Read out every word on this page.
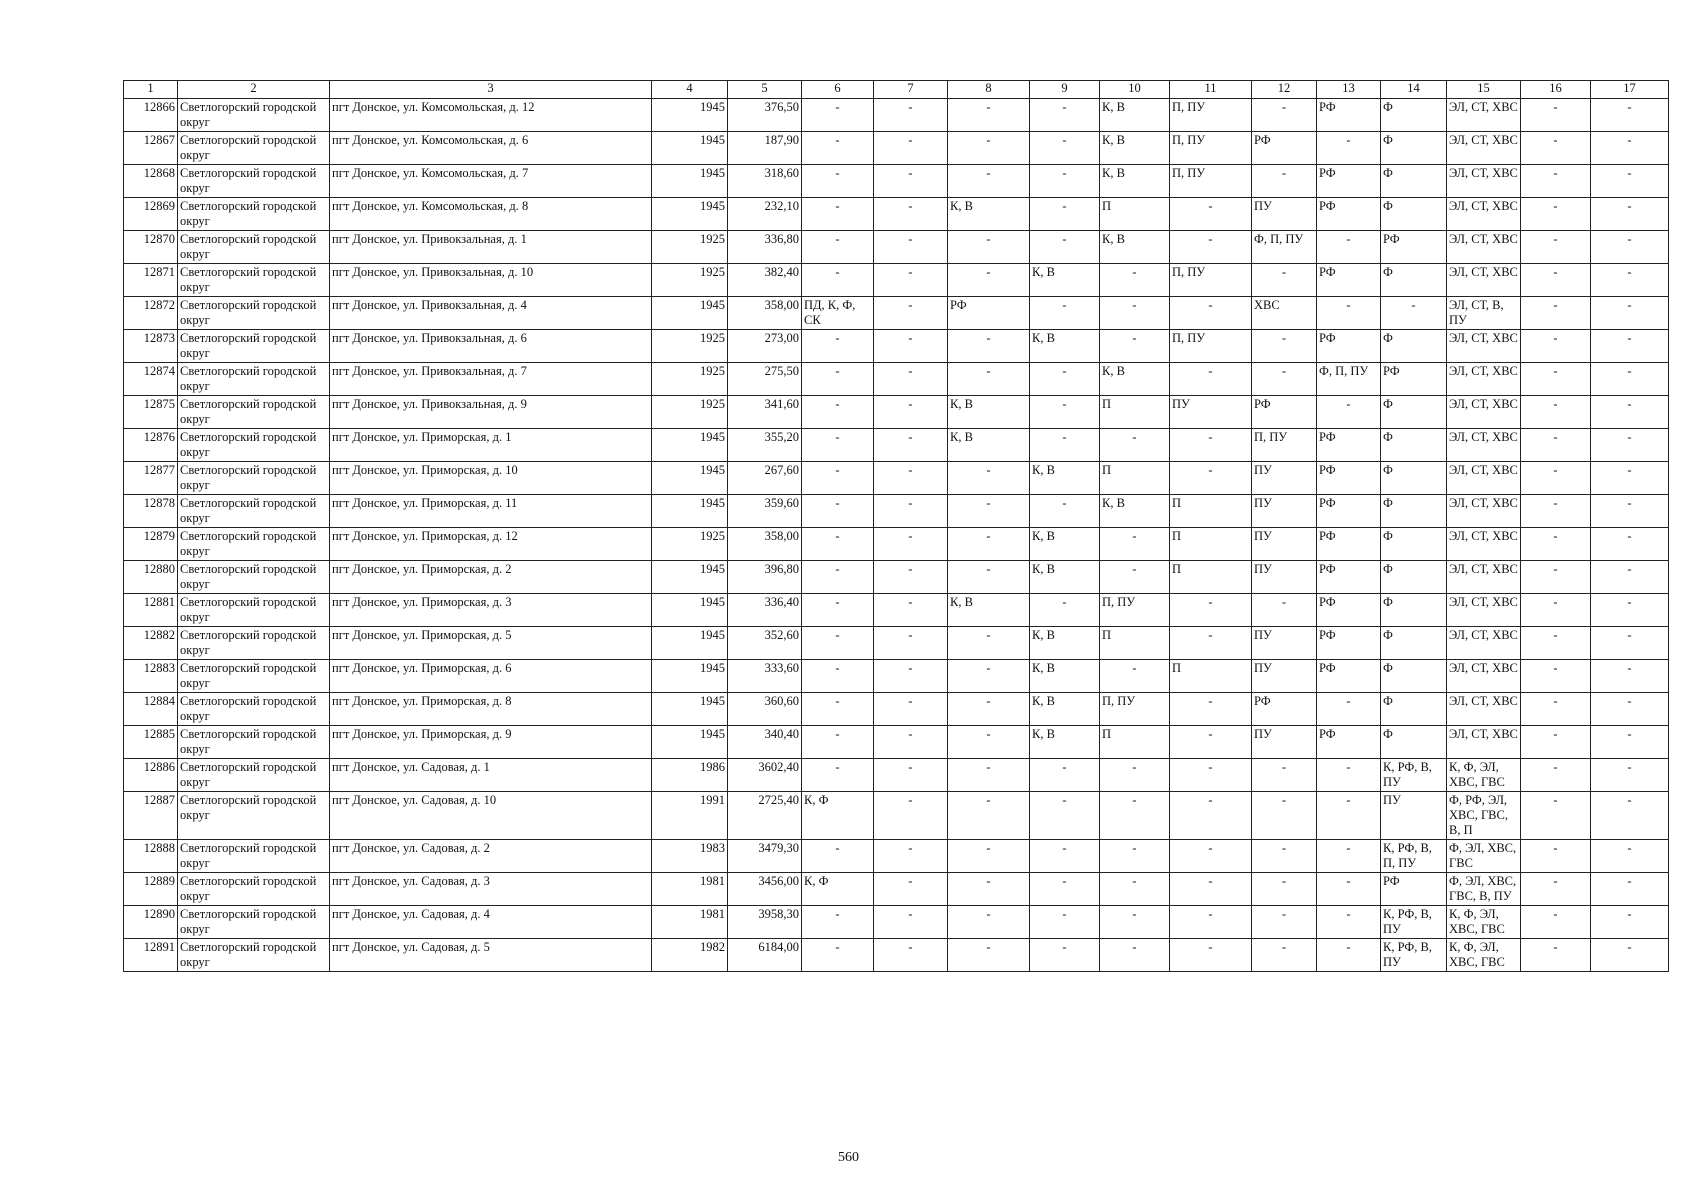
1	2	3	4	5	6	7	8	9	10	11	12	13	14	15	16	17
12866	Светлогорский городской округ	пгт Донское, ул. Комсомольская, д. 12	1945	376,50	-	-	-	-	К, В	П, ПУ	-	РФ	Ф	ЭЛ, СТ, ХВС	-	-
12867	Светлогорский городской округ	пгт Донское, ул. Комсомольская, д. 6	1945	187,90	-	-	-	-	К, В	П, ПУ	РФ	-	Ф	ЭЛ, СТ, ХВС	-	-
12868	Светлогорский городской округ	пгт Донское, ул. Комсомольская, д. 7	1945	318,60	-	-	-	-	К, В	П, ПУ	-	РФ	Ф	ЭЛ, СТ, ХВС	-	-
12869	Светлогорский городской округ	пгт Донское, ул. Комсомольская, д. 8	1945	232,10	-	-	К, В	-	П	-	ПУ	РФ	Ф	ЭЛ, СТ, ХВС	-	-
12870	Светлогорский городской округ	пгт Донское, ул. Привокзальная, д. 1	1925	336,80	-	-	-	-	К, В	-	Ф, П, ПУ	-	РФ	ЭЛ, СТ, ХВС	-	-
12871	Светлогорский городской округ	пгт Донское, ул. Привокзальная, д. 10	1925	382,40	-	-	-	К, В	-	П, ПУ	-	РФ	Ф	ЭЛ, СТ, ХВС	-	-
12872	Светлогорский городской округ	пгт Донское, ул. Привокзальная, д. 4	1945	358,00	ПД, К, Ф, СК	-	РФ	-	-	-	ХВС	-	-	ЭЛ, СТ, В, ПУ	-	-
12873	Светлогорский городской округ	пгт Донское, ул. Привокзальная, д. 6	1925	273,00	-	-	-	К, В	-	П, ПУ	-	РФ	Ф	ЭЛ, СТ, ХВС	-	-
12874	Светлогорский городской округ	пгт Донское, ул. Привокзальная, д. 7	1925	275,50	-	-	-	-	К, В	-	-	Ф, П, ПУ	РФ	ЭЛ, СТ, ХВС	-	-
12875	Светлогорский городской округ	пгт Донское, ул. Привокзальная, д. 9	1925	341,60	-	-	К, В	-	П	ПУ	РФ	-	Ф	ЭЛ, СТ, ХВС	-	-
12876	Светлогорский городской округ	пгт Донское, ул. Приморская, д. 1	1945	355,20	-	-	К, В	-	-	-	П, ПУ	РФ	Ф	ЭЛ, СТ, ХВС	-	-
12877	Светлогорский городской округ	пгт Донское, ул. Приморская, д. 10	1945	267,60	-	-	-	К, В	П	-	ПУ	РФ	Ф	ЭЛ, СТ, ХВС	-	-
12878	Светлогорский городской округ	пгт Донское, ул. Приморская, д. 11	1945	359,60	-	-	-	-	К, В	П	ПУ	РФ	Ф	ЭЛ, СТ, ХВС	-	-
12879	Светлогорский городской округ	пгт Донское, ул. Приморская, д. 12	1925	358,00	-	-	-	К, В	-	П	ПУ	РФ	Ф	ЭЛ, СТ, ХВС	-	-
12880	Светлогорский городской округ	пгт Донское, ул. Приморская, д. 2	1945	396,80	-	-	-	К, В	-	П	ПУ	РФ	Ф	ЭЛ, СТ, ХВС	-	-
12881	Светлогорский городской округ	пгт Донское, ул. Приморская, д. 3	1945	336,40	-	-	К, В	-	П, ПУ	-	-	РФ	Ф	ЭЛ, СТ, ХВС	-	-
12882	Светлогорский городской округ	пгт Донское, ул. Приморская, д. 5	1945	352,60	-	-	-	К, В	П	-	ПУ	РФ	Ф	ЭЛ, СТ, ХВС	-	-
12883	Светлогорский городской округ	пгт Донское, ул. Приморская, д. 6	1945	333,60	-	-	-	К, В	-	П	ПУ	РФ	Ф	ЭЛ, СТ, ХВС	-	-
12884	Светлогорский городской округ	пгт Донское, ул. Приморская, д. 8	1945	360,60	-	-	-	К, В	П, ПУ	-	РФ	-	Ф	ЭЛ, СТ, ХВС	-	-
12885	Светлогорский городской округ	пгт Донское, ул. Приморская, д. 9	1945	340,40	-	-	-	К, В	П	-	ПУ	РФ	Ф	ЭЛ, СТ, ХВС	-	-
12886	Светлогорский городской округ	пгт Донское, ул. Садовая, д. 1	1986	3602,40	-	-	-	-	-	-	-	-	К, РФ, В, ПУ	К, Ф, ЭЛ, ХВС, ГВС	-	-
12887	Светлогорский городской округ	пгт Донское, ул. Садовая, д. 10	1991	2725,40	К, Ф	-	-	-	-	-	-	-	ПУ	Ф, РФ, ЭЛ, ХВС, ГВС, В, П	-	-
12888	Светлогорский городской округ	пгт Донское, ул. Садовая, д. 2	1983	3479,30	-	-	-	-	-	-	-	-	К, РФ, В, П, ПУ	Ф, ЭЛ, ХВС, ГВС	-	-
12889	Светлогорский городской округ	пгт Донское, ул. Садовая, д. 3	1981	3456,00	К, Ф	-	-	-	-	-	-	-	РФ	Ф, ЭЛ, ХВС, ГВС, В, ПУ	-	-
12890	Светлогорский городской округ	пгт Донское, ул. Садовая, д. 4	1981	3958,30	-	-	-	-	-	-	-	-	К, РФ, В, ПУ	К, Ф, ЭЛ, ХВС, ГВС	-	-
12891	Светлогорский городской округ	пгт Донское, ул. Садовая, д. 5	1982	6184,00	-	-	-	-	-	-	-	-	К, РФ, В, ПУ	К, Ф, ЭЛ, ХВС, ГВС	-	-
560
